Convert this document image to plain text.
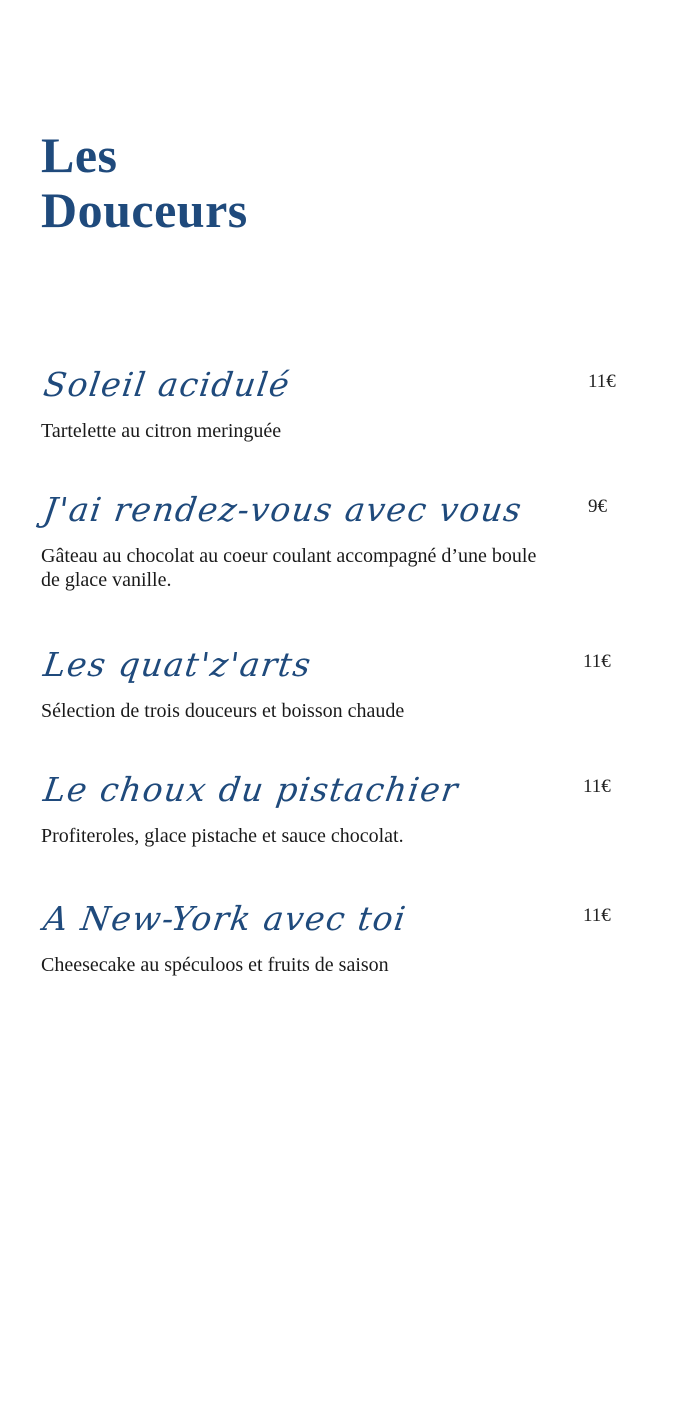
Les
Douceurs
Soleil acidulé	11€

Tartelette au citron meringuée

J'ai rendez-vous avec vous	9€

Gâteau au chocolat au coeur coulant accompagné d’une boule de glace vanille.

Les quat'z'arts	11€

Sélection de trois douceurs et boisson chaude

Le choux du pistachier	11€

Profiteroles, glace pistache et sauce chocolat.

A New-York avec toi	11€

Cheesecake au spéculoos et fruits de saison
